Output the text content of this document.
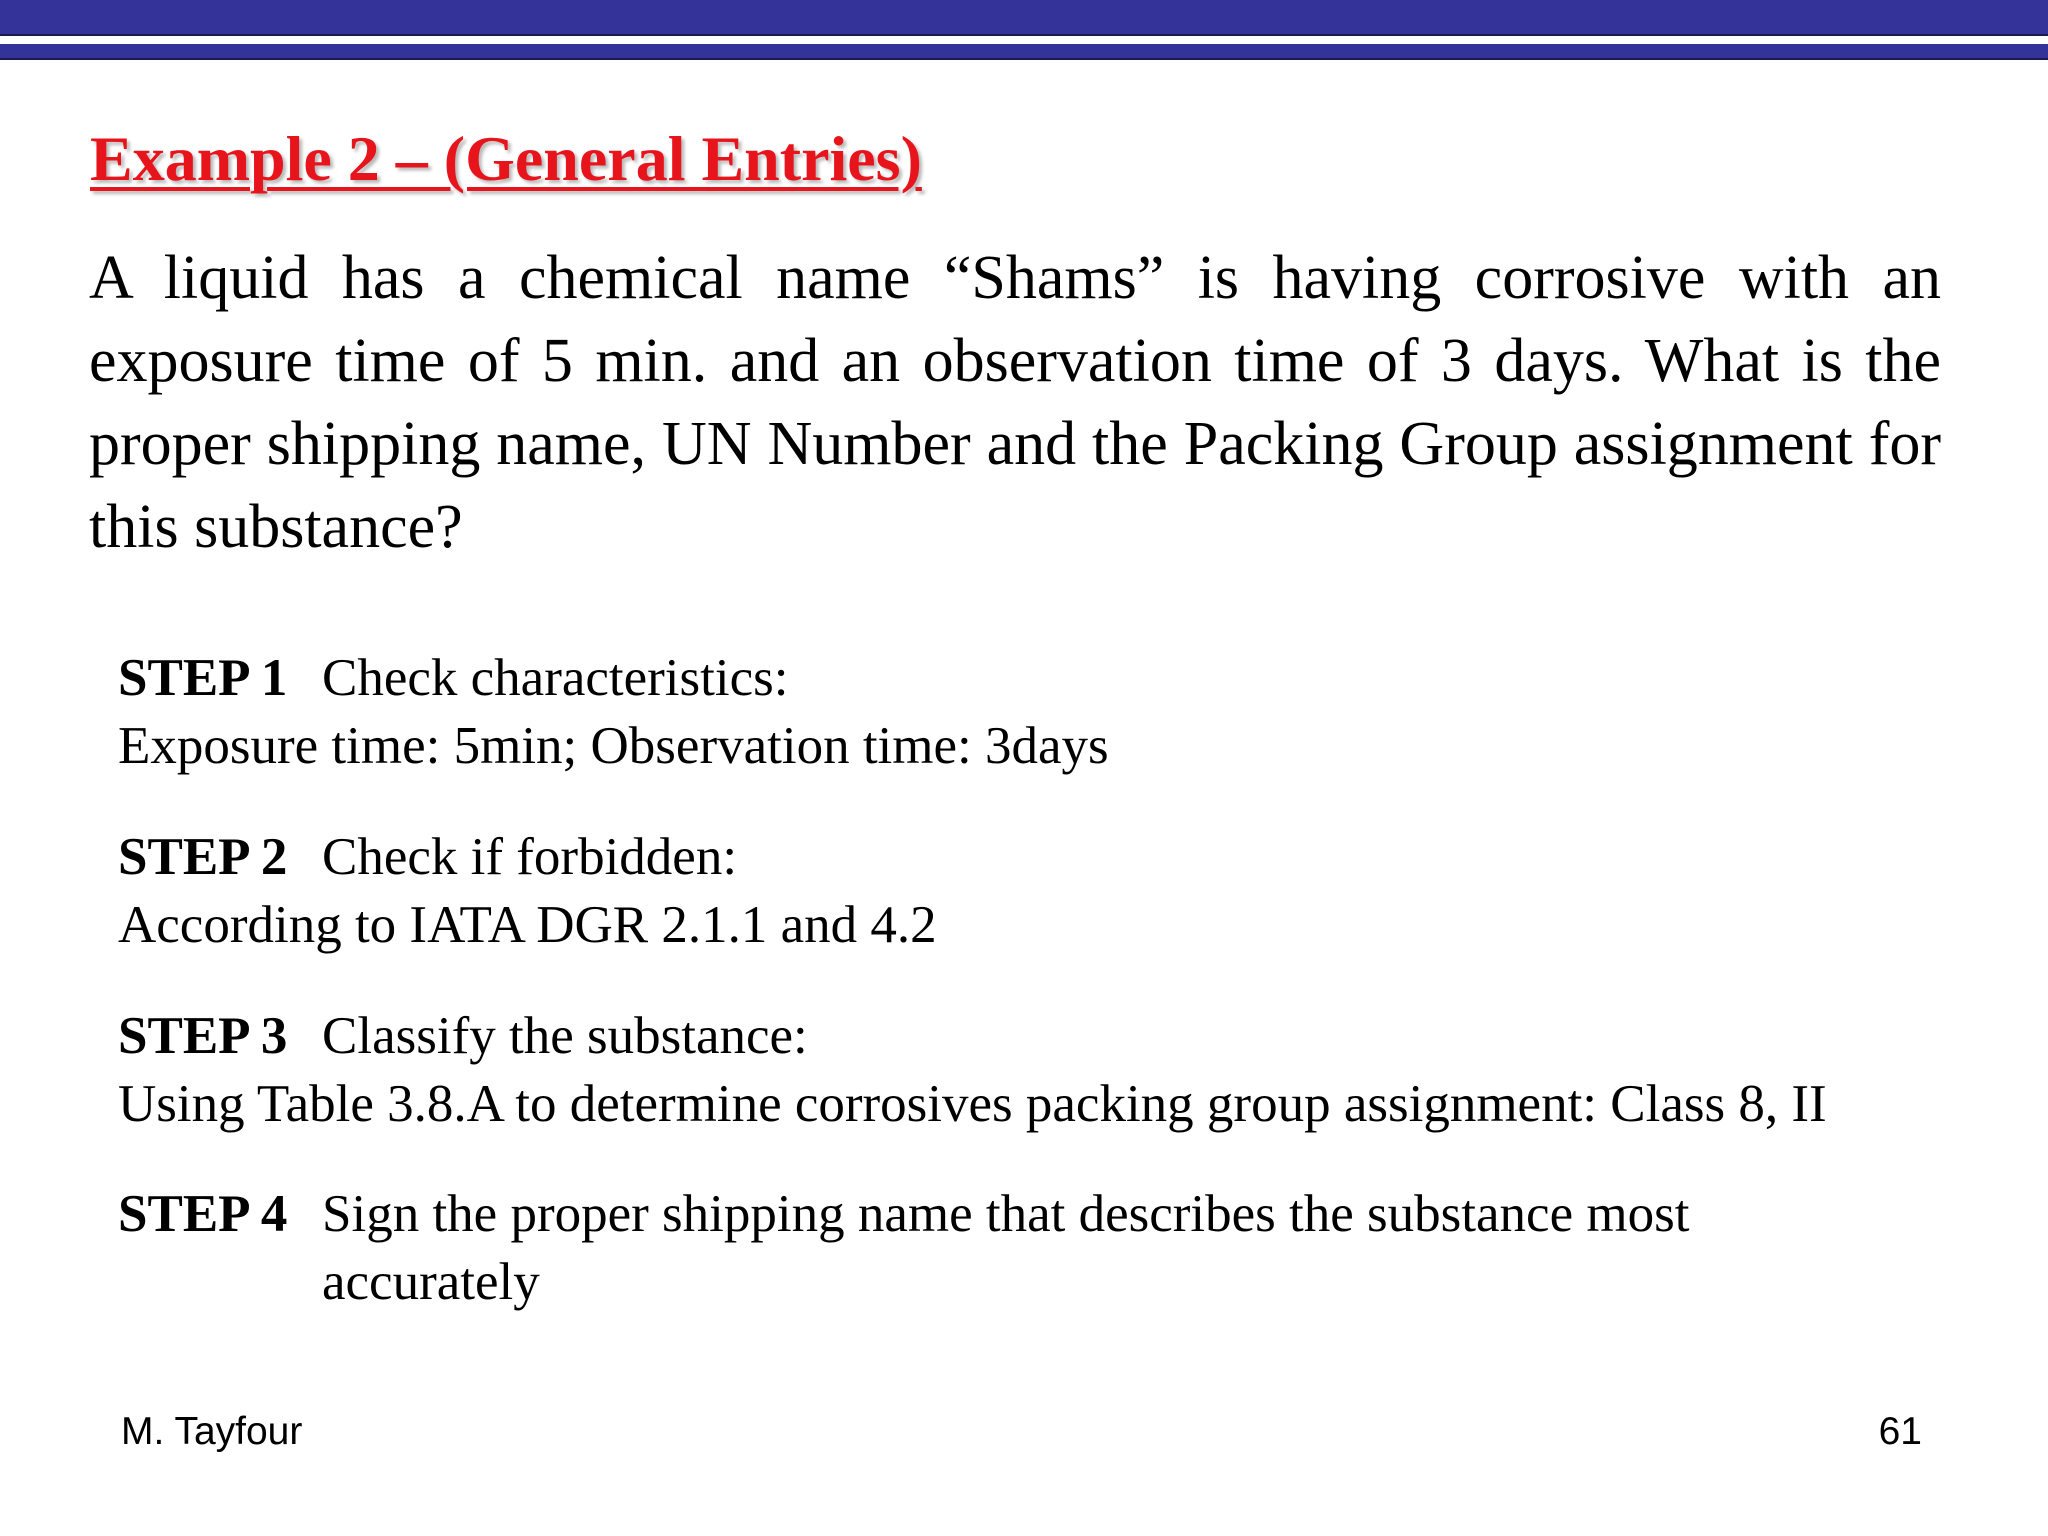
Example 2 – (General Entries)

A liquid has a chemical name “Shams” is having corrosive with an exposure time of 5 min. and an observation time of 3 days. What is the proper shipping name, UN Number and the Packing Group assignment for this substance?

STEP 1 Check characteristics:
Exposure time: 5min; Observation time: 3days
STEP 2 Check if forbidden:
According to IATA DGR 2.1.1 and 4.2
STEP 3 Classify the substance:
Using Table 3.8.A to determine corrosives packing group assignment: Class 8, II
STEP 4 Sign the proper shipping name that describes the substance most accurately
M. Tayfour	61
